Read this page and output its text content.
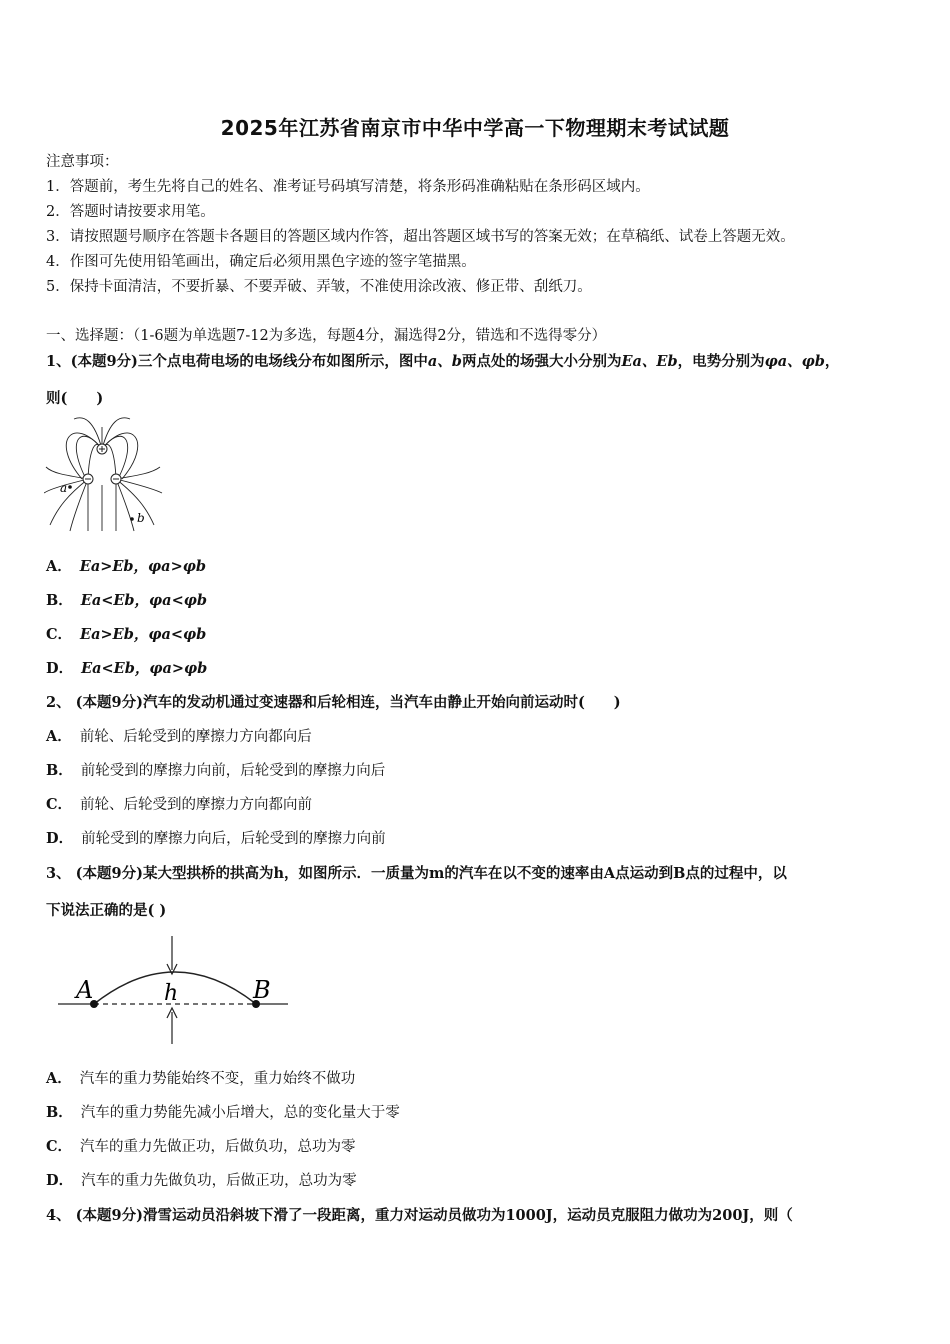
2025年江苏省南京市中华中学高一下物理期末考试试题
注意事项：
1．答题前，考生先将自己的姓名、准考证号码填写清楚，将条形码准确粘贴在条形码区域内。
2．答题时请按要求用笔。
3．请按照题号顺序在答题卡各题目的答题区域内作答，超出答题区域书写的答案无效；在草稿纸、试卷上答题无效。
4．作图可先使用铅笔画出，确定后必须用黑色字迹的签字笔描黑。
5．保持卡面清洁，不要折暴、不要弄破、弄皱，不准使用涂改液、修正带、刮纸刀。
一、选择题：（1-6题为单选题7-12为多选，每题4分，漏选得2分，错选和不选得零分）
1、(本题9分)三个点电荷电场的电场线分布如图所示，图中a、b两点处的场强大小分别为Ea、Eb，电势分别为φa、φb，
则(　　)
a
b
A． Ea>Eb，φa>φb
B． Ea<Eb，φa<φb
C． Ea>Eb，φa<φb
D． Ea<Eb，φa>φb
2、 (本题9分)汽车的发动机通过变速器和后轮相连，当汽车由静止开始向前运动时(　　)
A． 前轮、后轮受到的摩擦力方向都向后
B． 前轮受到的摩擦力向前，后轮受到的摩擦力向后
C． 前轮、后轮受到的摩擦力方向都向前
D． 前轮受到的摩擦力向后，后轮受到的摩擦力向前
3、 (本题9分)某大型拱桥的拱高为h，如图所示．一质量为m的汽车在以不变的速率由A点运动到B点的过程中，以
下说法正确的是( )
A	B
h
A． 汽车的重力势能始终不变，重力始终不做功
B． 汽车的重力势能先减小后增大，总的变化量大于零
C． 汽车的重力先做正功，后做负功，总功为零
D． 汽车的重力先做负功，后做正功，总功为零
4、 (本题9分)滑雪运动员沿斜坡下滑了一段距离，重力对运动员做功为1000J，运动员克服阻力做功为200J，则（
